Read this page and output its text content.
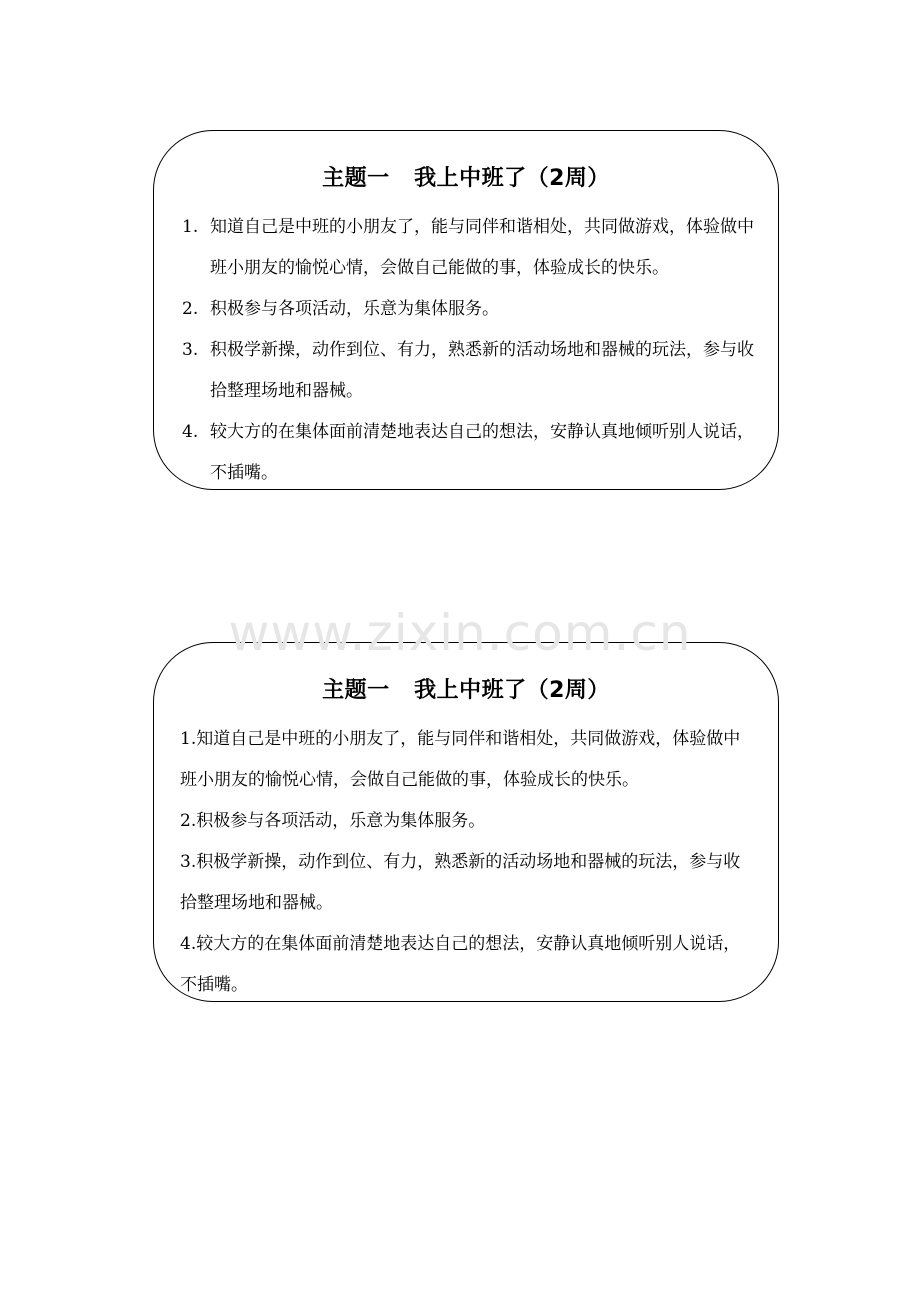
主题一   我上中班了（2周）
1. 知道自己是中班的小朋友了，能与同伴和谐相处，共同做游戏，体验做中班小朋友的愉悦心情，会做自己能做的事，体验成长的快乐。
2. 积极参与各项活动，乐意为集体服务。
3. 积极学新操，动作到位、有力，熟悉新的活动场地和器械的玩法，参与收拾整理场地和器械。
4. 较大方的在集体面前清楚地表达自己的想法，安静认真地倾听别人说话，不插嘴。
www.zixin.com.cn
主题一   我上中班了（2周）
1.知道自己是中班的小朋友了，能与同伴和谐相处，共同做游戏，体验做中班小朋友的愉悦心情，会做自己能做的事，体验成长的快乐。
2.积极参与各项活动，乐意为集体服务。
3.积极学新操，动作到位、有力，熟悉新的活动场地和器械的玩法，参与收拾整理场地和器械。
4.较大方的在集体面前清楚地表达自己的想法，安静认真地倾听别人说话，不插嘴。
